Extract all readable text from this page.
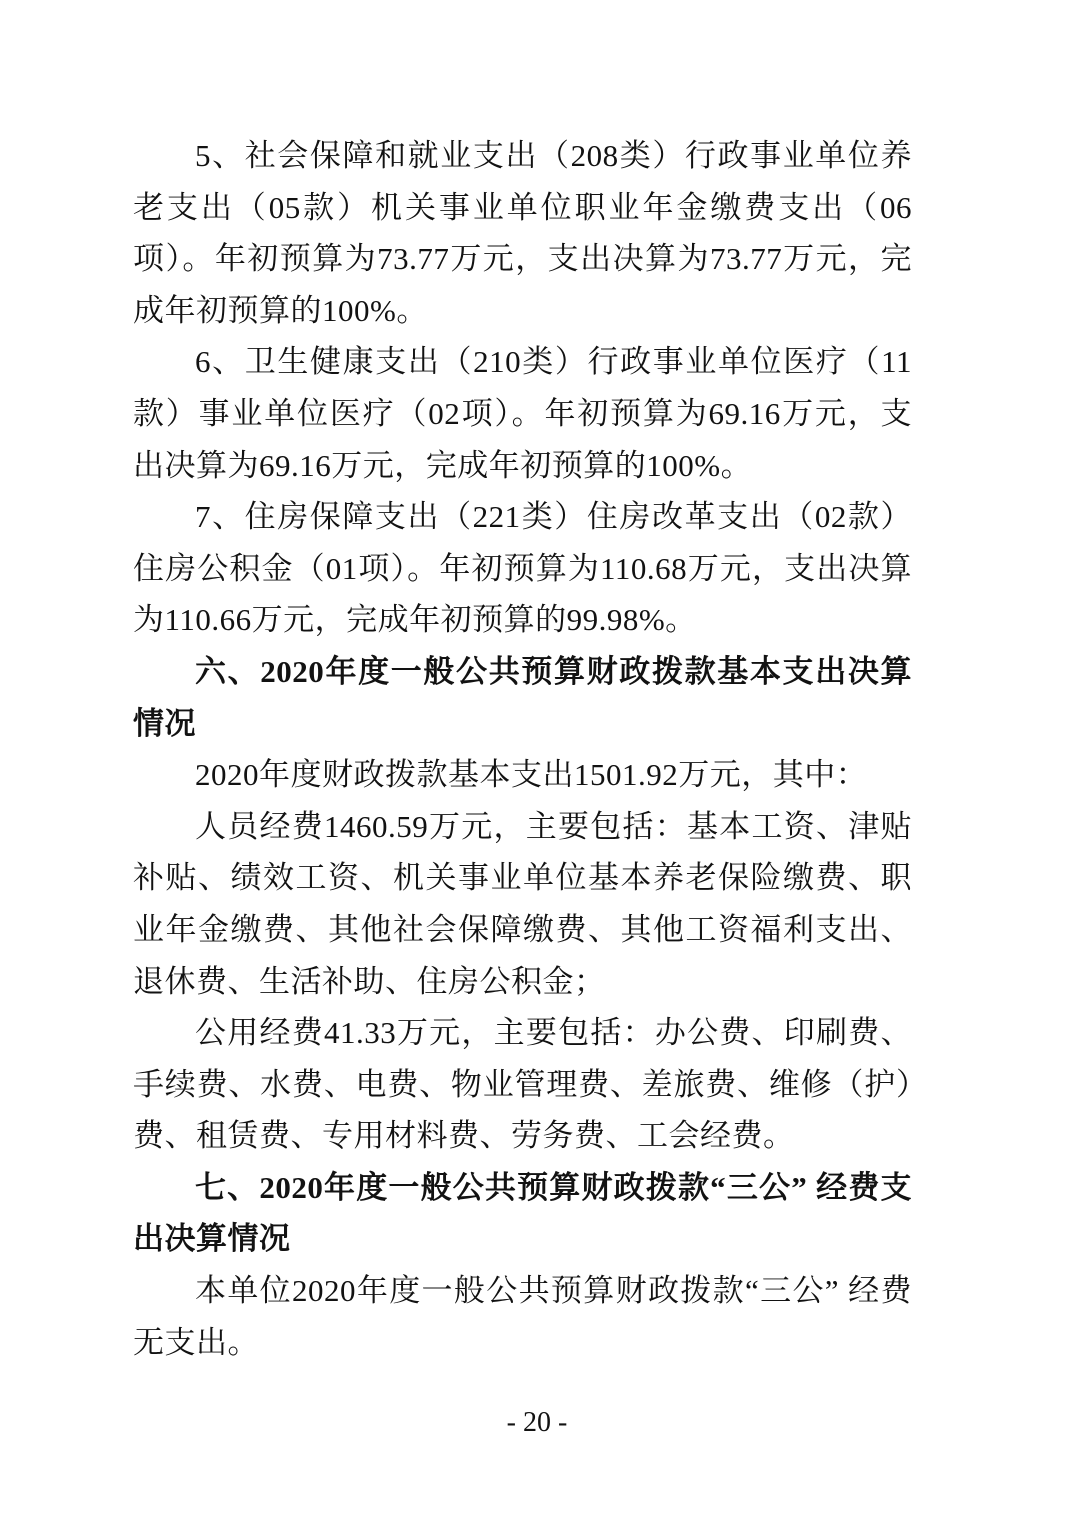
5、社会保障和就业支出（208类）行政事业单位养老支出（05款）机关事业单位职业年金缴费支出（06项）。年初预算为73.77万元，支出决算为73.77万元，完成年初预算的100%。

6、卫生健康支出（210类）行政事业单位医疗（11款）事业单位医疗（02项）。年初预算为69.16万元，支出决算为69.16万元，完成年初预算的100%。

7、住房保障支出（221类）住房改革支出（02款）住房公积金（01项）。年初预算为110.68万元，支出决算为110.66万元，完成年初预算的99.98%。

六、2020年度一般公共预算财政拨款基本支出决算情况

2020年度财政拨款基本支出1501.92万元，其中：

人员经费1460.59万元，主要包括：基本工资、津贴补贴、绩效工资、机关事业单位基本养老保险缴费、职业年金缴费、其他社会保障缴费、其他工资福利支出、退休费、生活补助、住房公积金；

公用经费41.33万元，主要包括：办公费、印刷费、手续费、水费、电费、物业管理费、差旅费、维修（护）费、租赁费、专用材料费、劳务费、工会经费。

七、2020年度一般公共预算财政拨款“三公” 经费支出决算情况

本单位2020年度一般公共预算财政拨款“三公” 经费无支出。

- 20 -
